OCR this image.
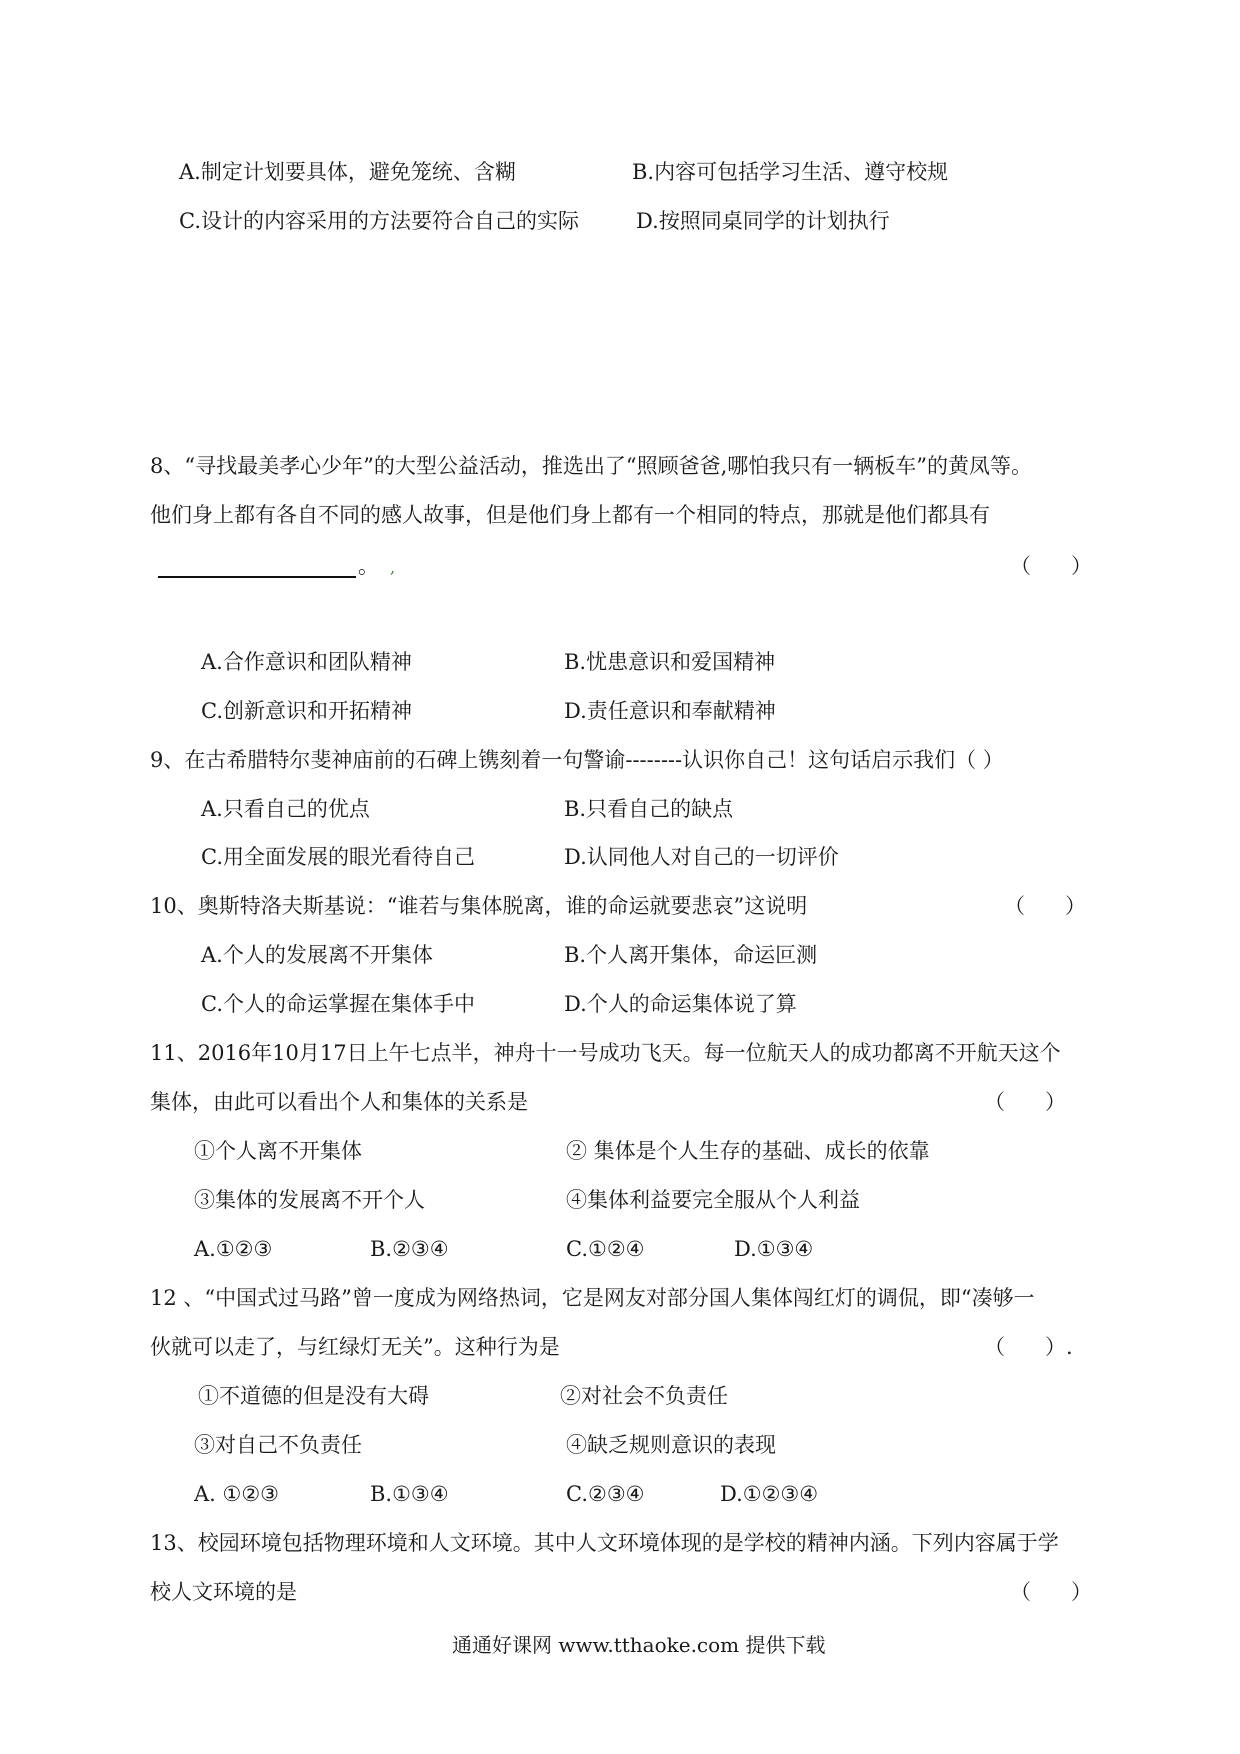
A.制定计划要具体，避免笼统、含糊	B.内容可包括学习生活、遵守校规
C.设计的内容采用的方法要符合自己的实际	D.按照同桌同学的计划执行
8、“寻找最美孝心少年”的大型公益活动，推选出了“照顾爸爸,哪怕我只有一辆板车”的黄凤等。
他们身上都有各自不同的感人故事，但是他们身上都有一个相同的特点，那就是他们都具有
。 ,	（      ）
A.合作意识和团队精神	B.忧患意识和爱国精神
C.创新意识和开拓精神	D.责任意识和奉献精神
9、在古希腊特尔斐神庙前的石碑上镌刻着一句警谕--------认识你自己！这句话启示我们（ ）
A.只看自己的优点	B.只看自己的缺点
C.用全面发展的眼光看待自己	D.认同他人对自己的一切评价
10、奥斯特洛夫斯基说：“谁若与集体脱离，谁的命运就要悲哀”这说明	（      ）
A.个人的发展离不开集体	B.个人离开集体，命运叵测
C.个人的命运掌握在集体手中	D.个人的命运集体说了算
11、2016年10月17日上午七点半，神舟十一号成功飞天。每一位航天人的成功都离不开航天这个
集体，由此可以看出个人和集体的关系是	（      ）
①个人离不开集体	② 集体是个人生存的基础、成长的依靠
③集体的发展离不开个人	④集体利益要完全服从个人利益
A.①②③	B.②③④	C.①②④	D.①③④
12 、“中国式过马路”曾一度成为网络热词，它是网友对部分国人集体闯红灯的调侃，即“凑够一
伙就可以走了，与红绿灯无关”。这种行为是	（      ）.
①不道德的但是没有大碍	②对社会不负责任
③对自己不负责任	④缺乏规则意识的表现
A. ①②③	B.①③④	C.②③④	D.①②③④
13、校园环境包括物理环境和人文环境。其中人文环境体现的是学校的精神内涵。下列内容属于学
校人文环境的是	（      ）
通通好课网 www.tthaoke.com 提供下载
